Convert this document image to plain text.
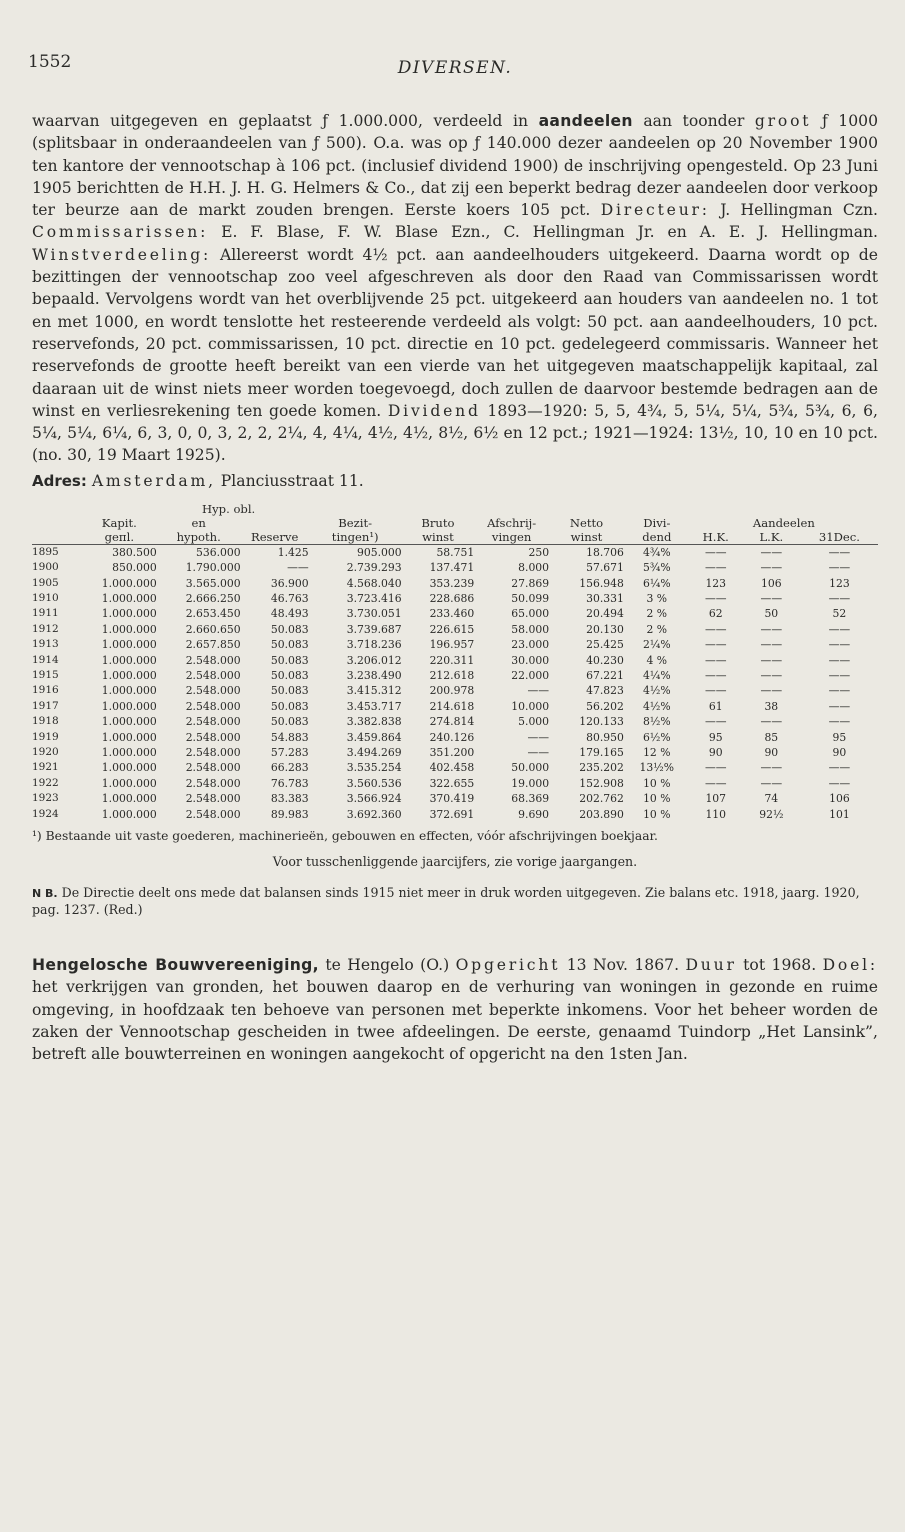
1552	DIVERSEN.

waarvan uitgegeven en geplaatst ƒ 1.000.000, verdeeld in aandeelen aan toonder groot ƒ 1000 (splitsbaar in onderaandeelen van ƒ 500). O.a. was op ƒ 140.000 dezer aandeelen op 20 November 1900 ten kantore der vennootschap à 106 pct. (inclusief dividend 1900) de inschrijving opengesteld. Op 23 Juni 1905 berichtten de H.H. J. H. G. Helmers & Co., dat zij een beperkt bedrag dezer aandeelen door verkoop ter beurze aan de markt zouden brengen. Eerste koers 105 pct. Directeur: J. Hellingman Czn. Commissarissen: E. F. Blase, F. W. Blase Ezn., C. Hellingman Jr. en A. E. J. Hellingman. Winstverdeeling: Allereerst wordt 4½ pct. aan aandeelhouders uitgekeerd. Daarna wordt op de bezittingen der vennootschap zoo veel afgeschreven als door den Raad van Commissarissen wordt bepaald. Vervolgens wordt van het overblijvende 25 pct. uitgekeerd aan houders van aandeelen no. 1 tot en met 1000, en wordt tenslotte het resteerende verdeeld als volgt: 50 pct. aan aandeelhouders, 10 pct. reservefonds, 20 pct. commissarissen, 10 pct. directie en 10 pct. gedelegeerd commissaris. Wanneer het reservefonds de grootte heeft bereikt van een vierde van het uitgegeven maatschappelijk kapitaal, zal daaraan uit de winst niets meer worden toegevoegd, doch zullen de daarvoor bestemde bedragen aan de winst en verliesrekening ten goede komen. Dividend 1893—1920: 5, 5, 4¾, 5, 5¼, 5¼, 5¾, 5¾, 6, 6, 5¼, 5¼, 6¼, 6, 3, 0, 0, 3, 2, 2, 2¼, 4, 4¼, 4½, 4½, 8½, 6½ en 12 pct.; 1921—1924: 13½, 10, 10 en 10 pct. (no. 30, 19 Maart 1925).

Adres: Amsterdam, Planciusstraat 11.
Hyp. obl.
	Kapit.	en		Bezit-	Bruto	Afschrij-	Netto	Divi-	Aandeelen		
	geпl.	hypoth.	Reserve	tingen¹)	winst	vingen	winst	dend	H.K.	L.K.	31Dec.
1895	380.500	536.000	1.425	905.000	58.751	250	18.706	4¾%	——	——	——
1900	850.000	1.790.000	——	2.739.293	137.471	8.000	57.671	5¾%	——	——	——
1905	1.000.000	3.565.000	36.900	4.568.040	353.239	27.869	156.948	6¼%	123	106	123
1910	1.000.000	2.666.250	46.763	3.723.416	228.686	50.099	30.331	3 %	——	——	——
1911	1.000.000	2.653.450	48.493	3.730.051	233.460	65.000	20.494	2 %	62	50	52
1912	1.000.000	2.660.650	50.083	3.739.687	226.615	58.000	20.130	2 %	——	——	——
1913	1.000.000	2.657.850	50.083	3.718.236	196.957	23.000	25.425	2¼%	——	——	——
1914	1.000.000	2.548.000	50.083	3.206.012	220.311	30.000	40.230	4 %	——	——	——
1915	1.000.000	2.548.000	50.083	3.238.490	212.618	22.000	67.221	4¼%	——	——	——
1916	1.000.000	2.548.000	50.083	3.415.312	200.978	——	47.823	4½%	——	——	——
1917	1.000.000	2.548.000	50.083	3.453.717	214.618	10.000	56.202	4½%	61	38	——
1918	1.000.000	2.548.000	50.083	3.382.838	274.814	5.000	120.133	8½%	——	——	——
1919	1.000.000	2.548.000	54.883	3.459.864	240.126	——	80.950	6½%	95	85	95
1920	1.000.000	2.548.000	57.283	3.494.269	351.200	——	179.165	12 %	90	90	90
1921	1.000.000	2.548.000	66.283	3.535.254	402.458	50.000	235.202	13½%	——	——	——
1922	1.000.000	2.548.000	76.783	3.560.536	322.655	19.000	152.908	10 %	——	——	——
1923	1.000.000	2.548.000	83.383	3.566.924	370.419	68.369	202.762	10 %	107	74	106
1924	1.000.000	2.548.000	89.983	3.692.360	372.691	9.690	203.890	10 %	110	92½	101
¹) Bestaande uit vaste goederen, machinerieën, gebouwen en effecten, vóór afschrijvingen boekjaar.
Voor tusschenliggende jaarcijfers, zie vorige jaargangen.
N B. De Directie deelt ons mede dat balansen sinds 1915 niet meer in druk worden uitgegeven. Zie balans etc. 1918, jaarg. 1920, pag. 1237. (Red.)

Hengelosche Bouwvereeniging, te Hengelo (O.) Opgericht 13 Nov. 1867. Duur tot 1968. Doel: het verkrijgen van gronden, het bouwen daarop en de verhuring van woningen in gezonde en ruime omgeving, in hoofdzaak ten behoeve van personen met beperkte inkomens. Voor het beheer worden de zaken der Vennootschap gescheiden in twee afdeelingen. De eerste, genaamd Tuindorp „Het Lansink”, betreft alle bouwterreinen en woningen aangekocht of opgericht na den 1sten Jan.
